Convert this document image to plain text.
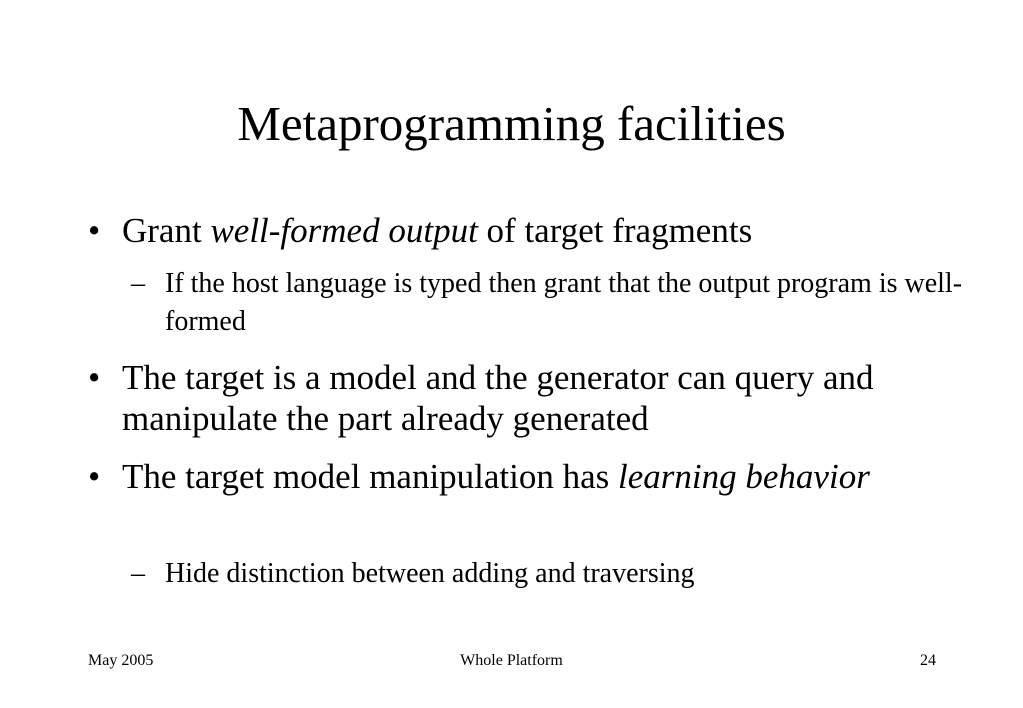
Metaprogramming facilities
• Grant well-formed output of target fragments
– If the host language is typed then grant that the output program is well-formed
• The target is a model and the generator can query and manipulate the part already generated
• The target model manipulation has learning behavior
– Hide distinction between adding and traversing
Whole Platform
May 2005	24
